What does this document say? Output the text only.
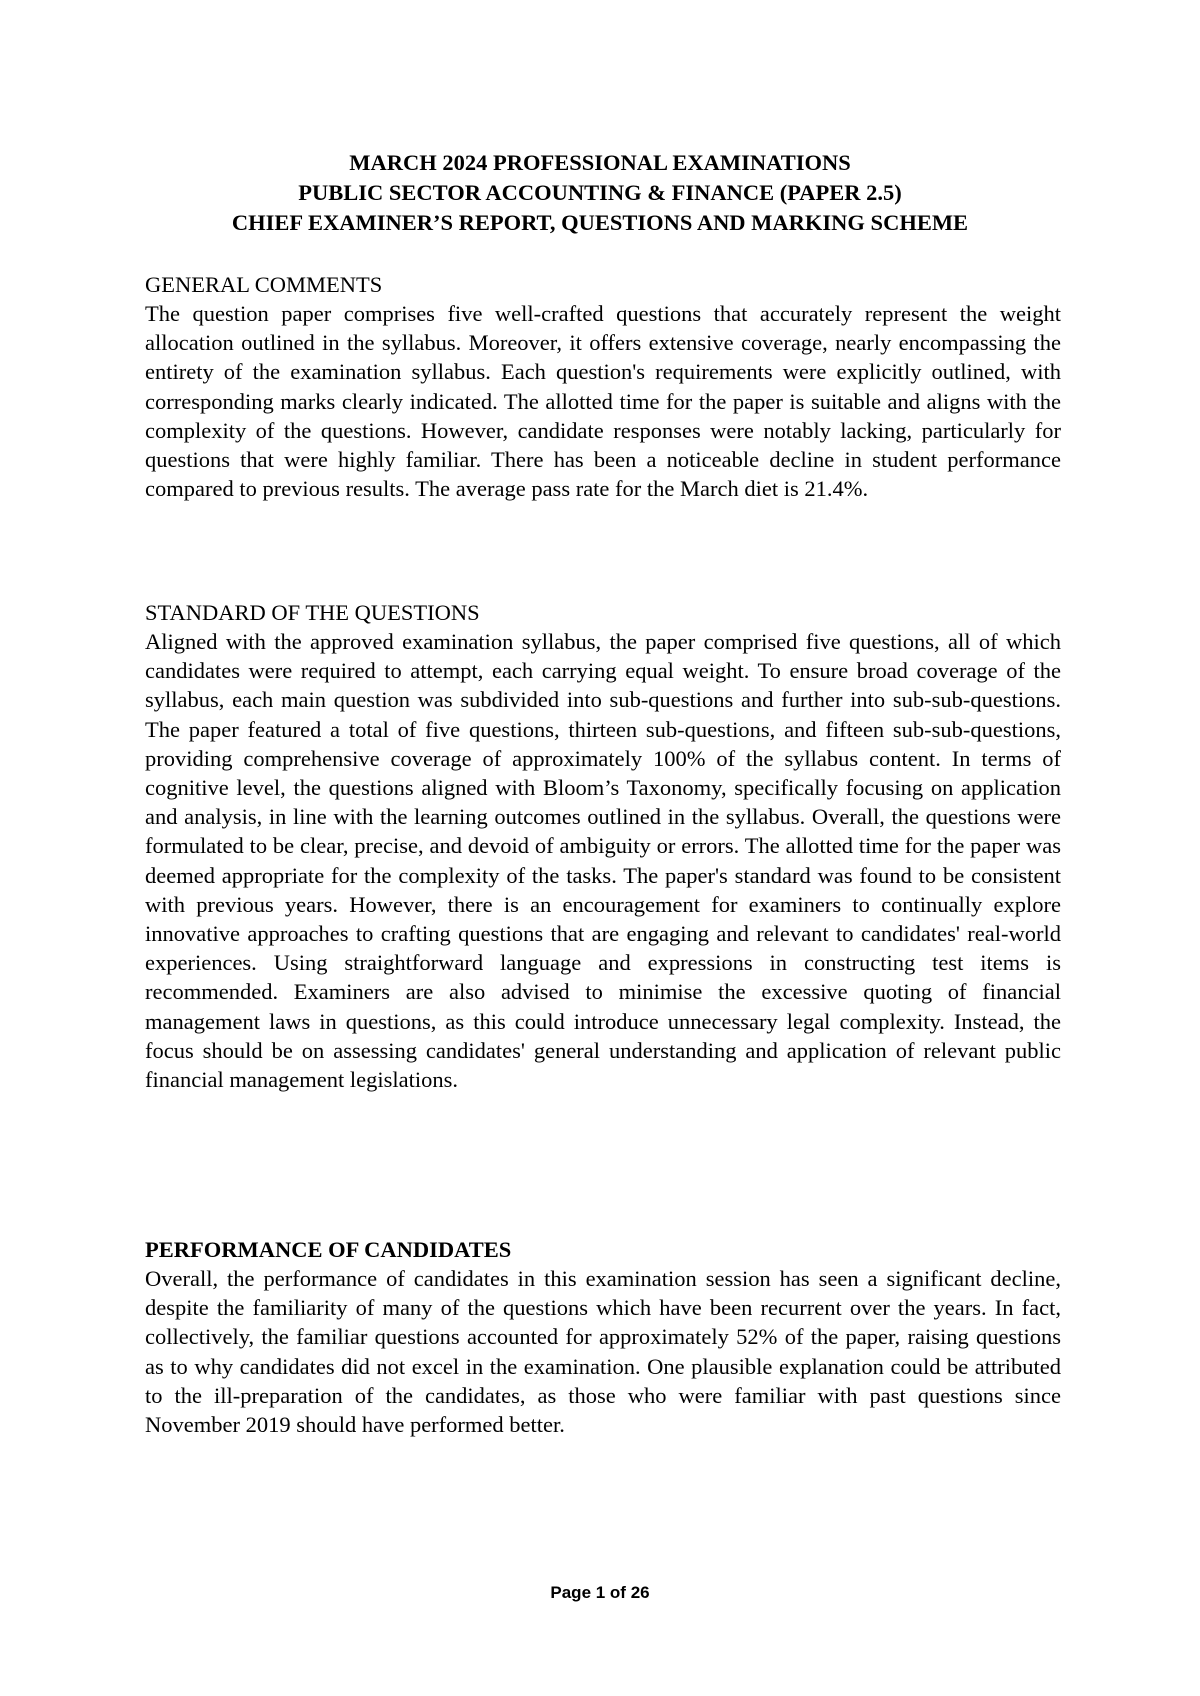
MARCH 2024 PROFESSIONAL EXAMINATIONS
PUBLIC SECTOR ACCOUNTING & FINANCE (PAPER 2.5)
CHIEF EXAMINER’S REPORT, QUESTIONS AND MARKING SCHEME

GENERAL COMMENTS

The question paper comprises five well-crafted questions that accurately represent the weight allocation outlined in the syllabus. Moreover, it offers extensive coverage, nearly encompassing the entirety of the examination syllabus. Each question's requirements were explicitly outlined, with corresponding marks clearly indicated. The allotted time for the paper is suitable and aligns with the complexity of the questions. However, candidate responses were notably lacking, particularly for questions that were highly familiar. There has been a noticeable decline in student performance compared to previous results. The average pass rate for the March diet is 21.4%.

STANDARD OF THE QUESTIONS

Aligned with the approved examination syllabus, the paper comprised five questions, all of which candidates were required to attempt, each carrying equal weight. To ensure broad coverage of the syllabus, each main question was subdivided into sub-questions and further into sub-sub-questions. The paper featured a total of five questions, thirteen sub-questions, and fifteen sub-sub-questions, providing comprehensive coverage of approximately 100% of the syllabus content. In terms of cognitive level, the questions aligned with Bloom’s Taxonomy, specifically focusing on application and analysis, in line with the learning outcomes outlined in the syllabus. Overall, the questions were formulated to be clear, precise, and devoid of ambiguity or errors. The allotted time for the paper was deemed appropriate for the complexity of the tasks. The paper's standard was found to be consistent with previous years. However, there is an encouragement for examiners to continually explore innovative approaches to crafting questions that are engaging and relevant to candidates' real-world experiences. Using straightforward language and expressions in constructing test items is recommended. Examiners are also advised to minimise the excessive quoting of financial management laws in questions, as this could introduce unnecessary legal complexity. Instead, the focus should be on assessing candidates' general understanding and application of relevant public financial management legislations.

PERFORMANCE OF CANDIDATES

Overall, the performance of candidates in this examination session has seen a significant decline, despite the familiarity of many of the questions which have been recurrent over the years. In fact, collectively, the familiar questions accounted for approximately 52% of the paper, raising questions as to why candidates did not excel in the examination. One plausible explanation could be attributed to the ill-preparation of the candidates, as those who were familiar with past questions since November 2019 should have performed better.

Page 1 of 26
